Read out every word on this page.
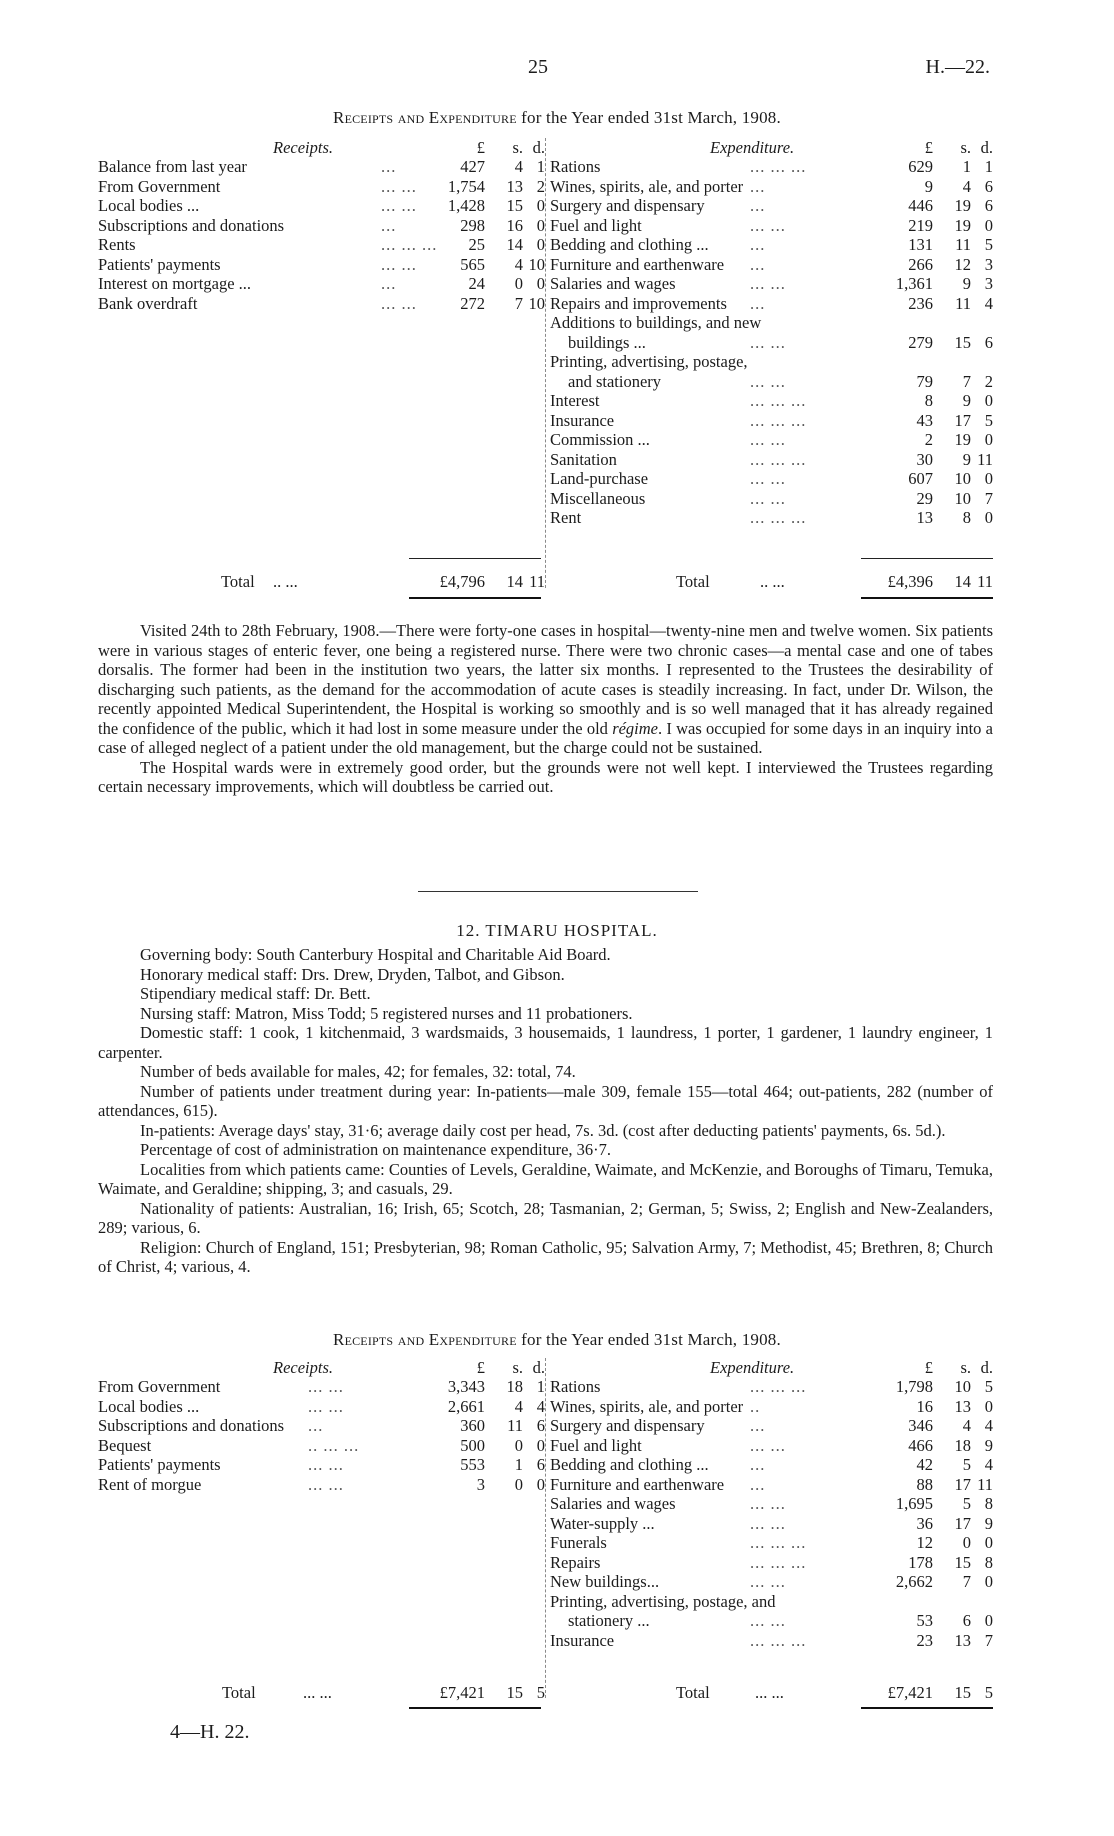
25	H.—22.
Receipts and Expenditure for the Year ended 31st March, 1908.
Receipts.	£	s. d.
Balance from last year	...	427	4 1
From Government	... ...	1,754	13 2
Local bodies ...	... ...	1,428	15 0
Subscriptions and donations	...	298	16 0
Rents	... ... ...	25	14 0
Patients' payments	... ...	565	4 10
Interest on mortgage ...	...	24	0 0
Bank overdraft	... ...	272	7 10
Total .. ...	£4,796	14 11
Expenditure.	£	s. d.
Rations	... ... ...	629	1 1
Wines, spirits, ale, and porter ...	9	4 6
Surgery and dispensary	...	446	19 6
Fuel and light	... ...	219	19 0
Bedding and clothing ...	...	131	11 5
Furniture and earthenware ...	266	12 3
Salaries and wages	... ...	1,361	9 3
Repairs and improvements ...	236	11 4
Additions to buildings, and new
buildings ...	... ...	279	15 6
Printing, advertising, postage,
and stationery	... ...	79	7 2
Interest	... ... ...	8	9 0
Insurance	... ... ...	43	17 5
Commission ...	... ...	2	19 0
Sanitation	... ... ...	30	9 11
Land-purchase	... ...	607	10 0
Miscellaneous	... ...	29	10 7
Rent	... ... ...	13	8 0
Total	.. ...	£4,396	14 11

Visited 24th to 28th February, 1908.—There were forty-one cases in hospital—twenty-nine men and twelve women. Six patients were in various stages of enteric fever, one being a registered nurse. There were two chronic cases—a mental case and one of tabes dorsalis. The former had been in the institution two years, the latter six months. I represented to the Trustees the desirability of discharging such patients, as the demand for the accommodation of acute cases is steadily increasing. In fact, under Dr. Wilson, the recently appointed Medical Superintendent, the Hospital is working so smoothly and is so well managed that it has already regained the confidence of the public, which it had lost in some measure under the old régime. I was occupied for some days in an inquiry into a case of alleged neglect of a patient under the old management, but the charge could not be sustained.

The Hospital wards were in extremely good order, but the grounds were not well kept. I interviewed the Trustees regarding certain necessary improvements, which will doubtless be carried out.

12. TIMARU HOSPITAL.

Governing body: South Canterbury Hospital and Charitable Aid Board.

Honorary medical staff: Drs. Drew, Dryden, Talbot, and Gibson.

Stipendiary medical staff: Dr. Bett.

Nursing staff: Matron, Miss Todd; 5 registered nurses and 11 probationers.

Domestic staff: 1 cook, 1 kitchenmaid, 3 wardsmaids, 3 housemaids, 1 laundress, 1 porter, 1 gardener, 1 laundry engineer, 1 carpenter.

Number of beds available for males, 42; for females, 32: total, 74.

Number of patients under treatment during year: In-patients—male 309, female 155—total 464; out-patients, 282 (number of attendances, 615).

In-patients: Average days' stay, 31·6; average daily cost per head, 7s. 3d. (cost after deducting patients' payments, 6s. 5d.).

Percentage of cost of administration on maintenance expenditure, 36·7.

Localities from which patients came: Counties of Levels, Geraldine, Waimate, and McKenzie, and Boroughs of Timaru, Temuka, Waimate, and Geraldine; shipping, 3; and casuals, 29.

Nationality of patients: Australian, 16; Irish, 65; Scotch, 28; Tasmanian, 2; German, 5; Swiss, 2; English and New-Zealanders, 289; various, 6.

Religion: Church of England, 151; Presbyterian, 98; Roman Catholic, 95; Salvation Army, 7; Methodist, 45; Brethren, 8; Church of Christ, 4; various, 4.

Receipts and Expenditure for the Year ended 31st March, 1908.
Receipts.	£	s. d.
From Government	... ...	3,343	18 1
Local bodies ...	... ...	2,661	4 4
Subscriptions and donations ...	360	11 6
Bequest	.. ... ...	500	0 0
Patients' payments	... ...	553	1 6
Rent of morgue	... ...	3	0 0
Total	... ...	£7,421	15 5
Expenditure.	£	s. d.
Rations	... ... ...	1,798	10 5
Wines, spirits, ale, and porter ..	16	13 0
Surgery and dispensary	...	346	4 4
Fuel and light	... ...	466	18 9
Bedding and clothing ...	...	42	5 4
Furniture and earthenware ...	88	17 11
Salaries and wages	... ...	1,695	5 8
Water-supply ...	... ...	36	17 9
Funerals	... ... ...	12	0 0
Repairs	... ... ...	178	15 8
New buildings...	... ...	2,662	7 0
Printing, advertising, postage, and
stationery ...	... ...	53	6 0
Insurance	... ... ...	23	13 7
Total	... ...	£7,421	15 5
4—H. 22.
